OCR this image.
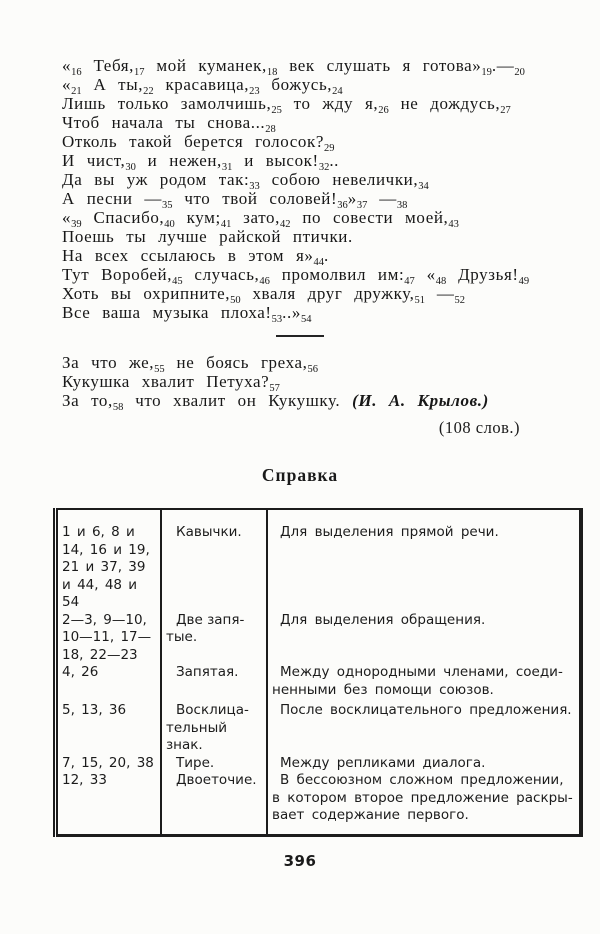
«$_{16}$ $Тебя,_{17}$ мой $куманек,_{18}$ век слушать я $готова»_{19}.—_{20}$
«$_{21}$ А $ты,_{22}$ $красавица,_{23}$ $божусь,_{24}$
Лишь только $замолчишь,_{25}$ то жду $я,_{26}$ не $дождусь,_{27}$
Чтоб начала ты $снова..._{28}$
Отколь такой берется $голосок?_{29}$
И $чист,_{30}$ и $нежен,_{31}$ и $высок!_{32}$..
Да вы уж родом $так:_{33}$ собою $невелички,_{34}$
А песни $—_{35}$ что твой $соловей!_{36}»_{37}$ $—_{38}$
«$_{39}$ $Спасибо,_{40}$ $кум;_{41}$ $зато,_{42}$ по совести $моей,_{43}$
Поешь ты лучше райской птички.
На всех ссылаюсь в этом $я»_{44}$.
Тут $Воробей,_{45}$ $случась,_{46}$ промолвил $им:_{47}$ «$_{48}$ $Друзья!_{49}$
Хоть вы $охрипните,_{50}$ хваля друг $дружку,_{51}$ $—_{52}$
Все ваша музыка $плоха!_{53}..»_{54}$
За что $же,_{55}$ не боясь $греха,_{56}$
Кукушка хвалит $Петуха?_{57}$
За $то,_{58}$ что хвалит он Кукушку. (И. А. Крылов.)
(108 слов.)
Справка
1 и 6, 8 и 14, 16 и 19, 21 и 37, 39 и 44, 48 и 54	Кавычки.	Для выделения прямой речи.
2—3, 9—10, 10—11, 17—18, 22—23	Две запятые.	Для выделения обращения.
4, 26	Запятая.	Между однородными членами, соединенными без помощи союзов.
5, 13, 36	Восклицательный знак.	После восклицательного предложения.
7, 15, 20, 38	Тире.	Между репликами диалога.
12, 33	Двоеточие.	В бессоюзном сложном предложении, в котором второе предложение раскрывает содержание первого.
396
